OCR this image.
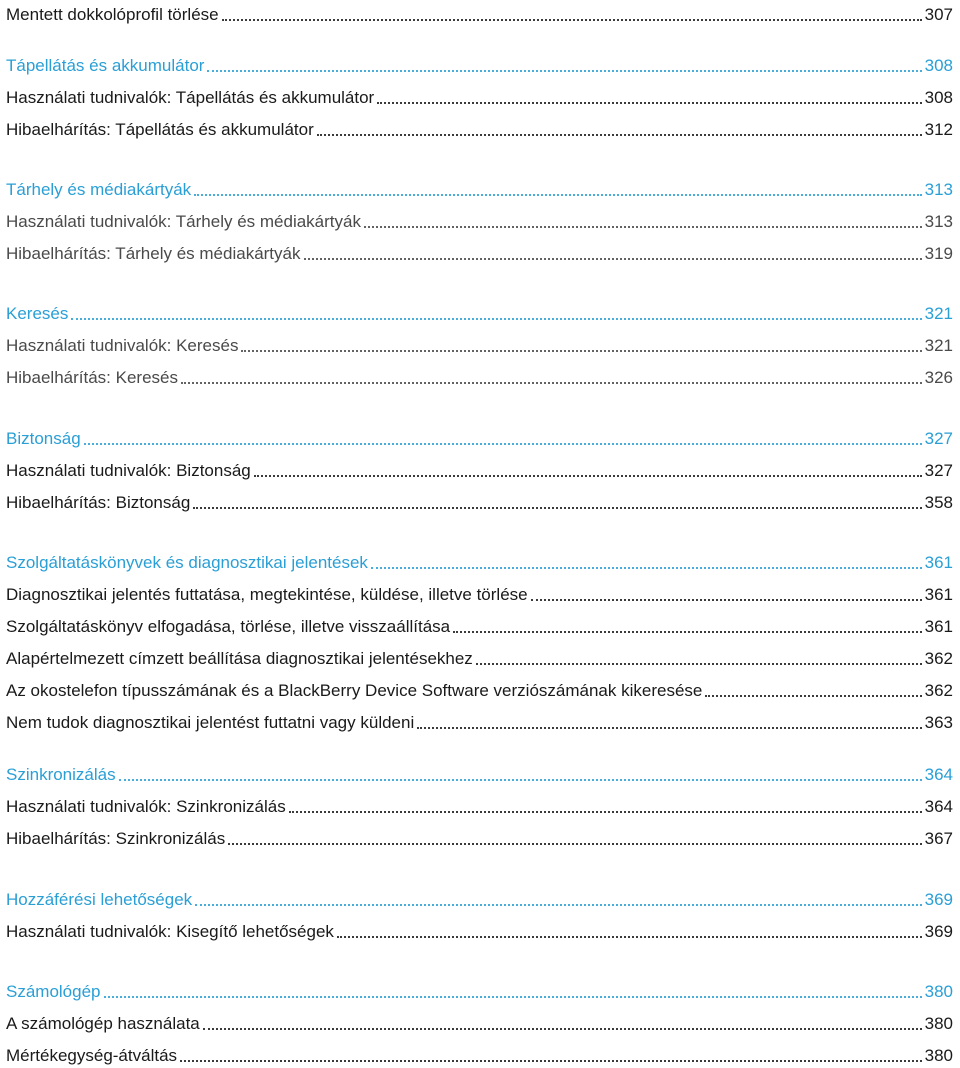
Mentett dokkolóprofil törlése	307
Tápellátás és akkumulátor	308
Használati tudnivalók: Tápellátás és akkumulátor	308
Hibaelhárítás: Tápellátás és akkumulátor	312
Tárhely és médiakártyák	313
Használati tudnivalók: Tárhely és médiakártyák	313
Hibaelhárítás: Tárhely és médiakártyák	319
Keresés	321
Használati tudnivalók: Keresés	321
Hibaelhárítás: Keresés	326
Biztonság	327
Használati tudnivalók: Biztonság	327
Hibaelhárítás: Biztonság	358
Szolgáltatáskönyvek és diagnosztikai jelentések	361
Diagnosztikai jelentés futtatása, megtekintése, küldése, illetve törlése	361
Szolgáltatáskönyv elfogadása, törlése, illetve visszaállítása	361
Alapértelmezett címzett beállítása diagnosztikai jelentésekhez	362
Az okostelefon típusszámának és a BlackBerry Device Software verziószámának kikeresése	362
Nem tudok diagnosztikai jelentést futtatni vagy küldeni	363
Szinkronizálás	364
Használati tudnivalók: Szinkronizálás	364
Hibaelhárítás: Szinkronizálás	367
Hozzáférési lehetőségek	369
Használati tudnivalók: Kisegítő lehetőségek	369
Számológép	380
A számológép használata	380
Mértékegység-átváltás	380
